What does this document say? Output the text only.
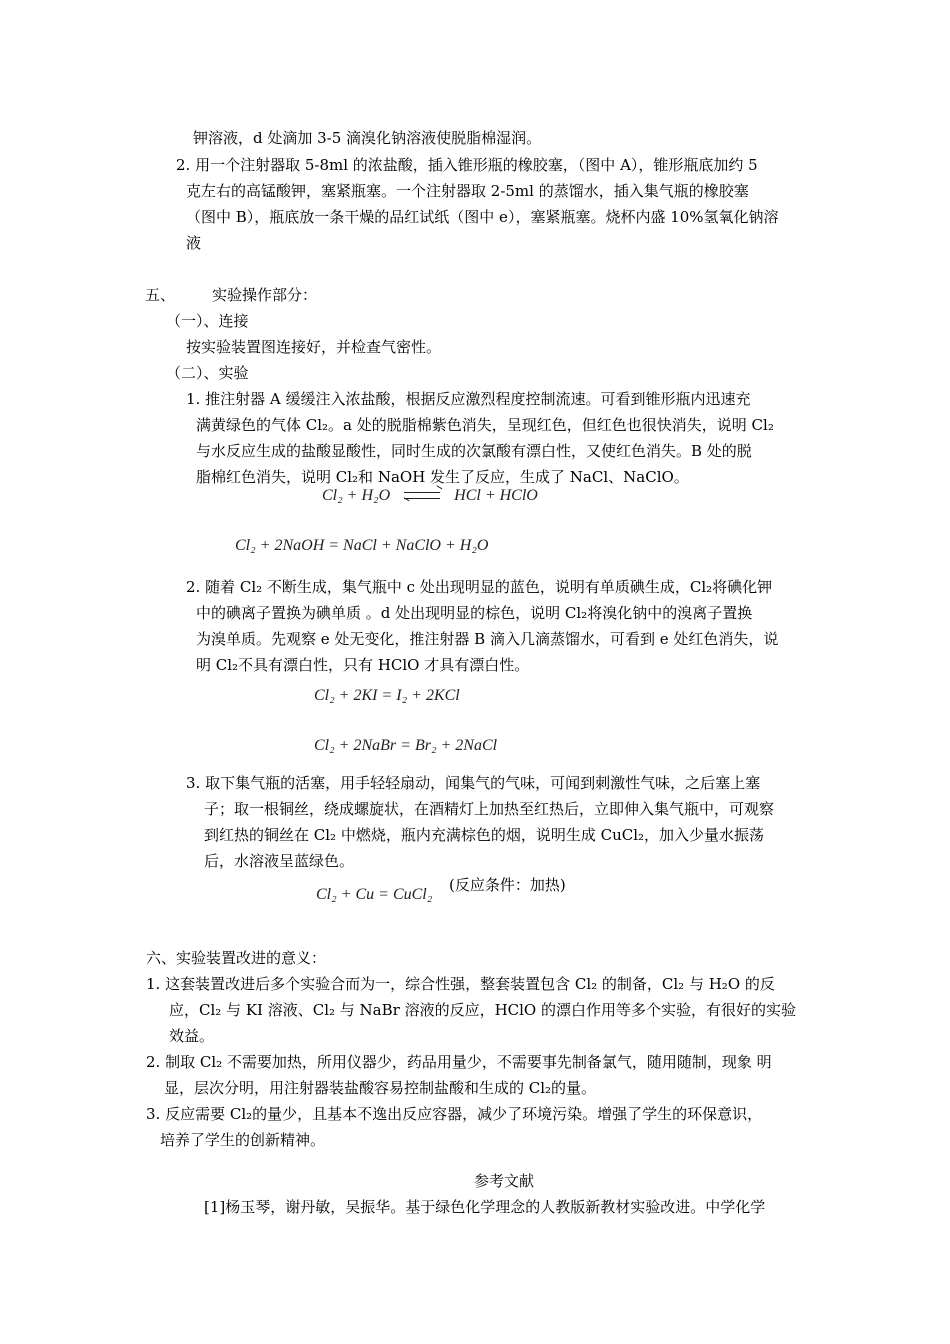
钾溶液，d 处滴加 3-5 滴溴化钠溶液使脱脂棉湿润。
2. 用一个注射器取 5-8ml 的浓盐酸，插入锥形瓶的橡胶塞，（图中 A），锥形瓶底加约 5
克左右的高锰酸钾，塞紧瓶塞。一个注射器取 2-5ml 的蒸馏水，插入集气瓶的橡胶塞
（图中 B），瓶底放一条干燥的品红试纸（图中 e），塞紧瓶塞。烧杯内盛 10%氢氧化钠溶
液
五、 实验操作部分：
（一）、连接
按实验装置图连接好，并检查气密性。
（二）、实验
1. 推注射器 A 缓缓注入浓盐酸，根据反应激烈程度控制流速。可看到锥形瓶内迅速充
满黄绿色的气体 Cl₂。a 处的脱脂棉紫色消失，呈现红色，但红色也很快消失，说明 Cl₂
与水反应生成的盐酸显酸性，同时生成的次氯酸有漂白性，又使红色消失。B 处的脱
脂棉红色消失，说明 Cl₂和 NaOH 发生了反应，生成了 NaCl、NaClO。
Cl₂ + H₂O	HCl + HClO
Cl₂ + 2NaOH = NaCl + NaClO + H₂O
2. 随着 Cl₂ 不断生成，集气瓶中 c 处出现明显的蓝色，说明有单质碘生成，Cl₂将碘化钾
中的碘离子置换为碘单质 。d 处出现明显的棕色，说明 Cl₂将溴化钠中的溴离子置换
为溴单质。先观察 e 处无变化，推注射器 B 滴入几滴蒸馏水，可看到 e 处红色消失，说
明 Cl₂不具有漂白性，只有 HClO 才具有漂白性。
Cl₂ + 2KI = I₂ + 2KCl
Cl₂ + 2NaBr = Br₂ + 2NaCl
3. 取下集气瓶的活塞，用手轻轻扇动，闻集气的气味，可闻到刺激性气味，之后塞上塞
子；取一根铜丝，绕成螺旋状，在酒精灯上加热至红热后，立即伸入集气瓶中，可观察
到红热的铜丝在 Cl₂ 中燃烧，瓶内充满棕色的烟，说明生成 CuCl₂，加入少量水振荡
后，水溶液呈蓝绿色。
Cl₂ + Cu = CuCl₂
(反应条件：加热)
六、实验装置改进的意义：
1. 这套装置改进后多个实验合而为一，综合性强，整套装置包含 Cl₂ 的制备，Cl₂ 与 H₂O 的反
应，Cl₂ 与 KI 溶液、Cl₂ 与 NaBr 溶液的反应，HClO 的漂白作用等多个实验，有很好的实验
效益。
2. 制取 Cl₂ 不需要加热，所用仪器少，药品用量少，不需要事先制备氯气，随用随制，现象 明
显，层次分明，用注射器装盐酸容易控制盐酸和生成的 Cl₂的量。
3. 反应需要 Cl₂的量少，且基本不逸出反应容器，减少了环境污染。增强了学生的环保意识，
培养了学生的创新精神。
参考文献
[1]杨玉琴，谢丹敏，吴振华。基于绿色化学理念的人教版新教材实验改进。中学化学
